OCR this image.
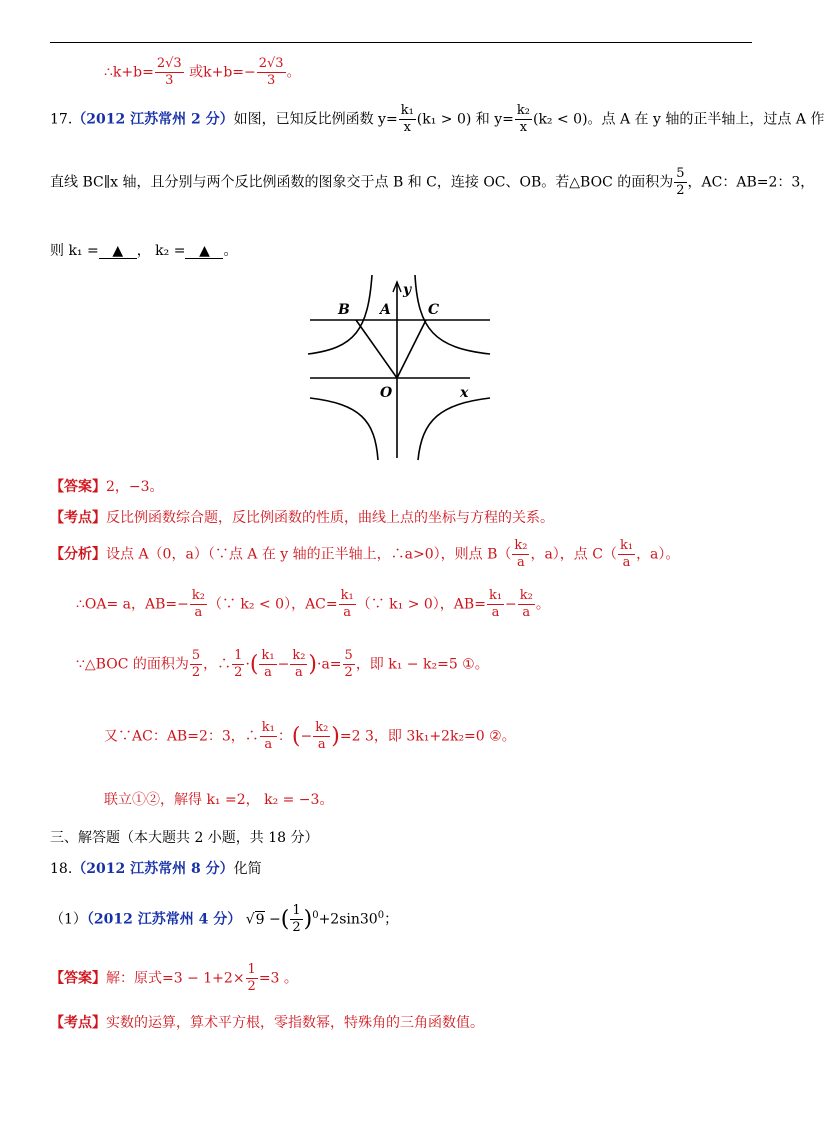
∴k+b= $\frac{2√3}{3}$ 或$k+b=- \frac{2√3}{3}$ 。
17.（2012 江苏常州 2 分）如图，已知反比例函数 $y= \frac{\text{k₁}}{x} (k_1 > 0)$ 和 $y= \frac{\text{k₂}}{x} (k_2 < 0)$。点 A 在 y 轴的正半轴上，过点 A 作
直线 BC∥x 轴，且分别与两个反比例函数的图象交于点 B 和 C，连接 OC、OB。若△BOC 的面积为 $\frac{5}{2}$ ，AC：AB=2：3，
则 k₁ = ▲ ， k₂ = ▲ 。
B A	C
y
O	x
【答案】2，−3。
【考点】反比例函数综合题，反比例函数的性质，曲线上点的坐标与方程的关系。
【分析】设点 A（0，a）（∵点 A 在 y 轴的正半轴上，∴a>0），则点 $B( \frac{\text{k₂}}{a}$ ，a），点 $C( \frac{\text{k₁}}{a}$ ，a）。
∴OA= a，$AB=- \frac{\text{k₂}}{a}$ （∵ k₂ < 0），$AC= \frac{\text{k₁}}{a}$ （∵ k₁ > 0），$AB= \frac{\text{k₁}}{a} - \frac{\text{k₂}}{a}$ 。
∵△BOC 的面积为 $\frac{5}{2}$ ，∴ $\frac{1}{2}$ ·( $\frac{\text{k₁}}{a} - \frac{\text{k₂}}{a} )\cdot a= \frac{5}{2}$ ，即 k₁ − k₂=5 ①。
又∵AC：AB=2：3，∴ $\frac{\text{k₁}}{a}$ ：(− $\frac{\text{k₂}}{a} )=2$ 3，即 3k₁+2k₂=0 ②。
联立①②，解得 k₁ =2， k₂ = −3。
三、解答题（本大题共 2 小题，共 18 分）
18.（2012 江苏常州 8 分）化简
（1）（2012 江苏常州 4 分） √9 −( $\frac{1}{2} )^0+2\sin 30^0$；
【答案】解：原式$=3 - 1+2\times \frac{1}{2} =3$ 。
【考点】实数的运算，算术平方根，零指数幂，特殊角的三角函数值。
